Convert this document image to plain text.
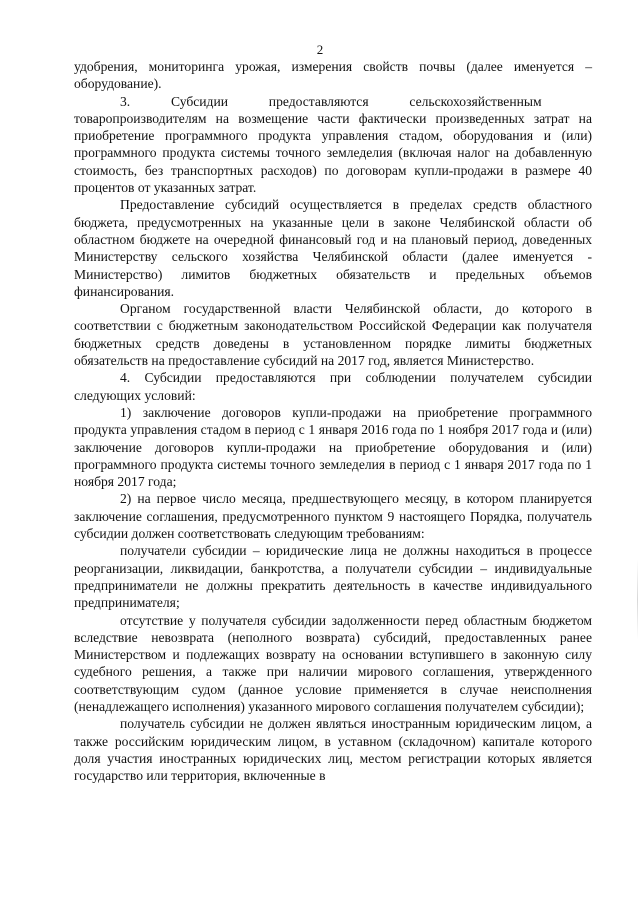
2

удобрения, мониторинга урожая, измерения свойств почвы (далее именуется – оборудование).

3.   Субсидии   предоставляются   сельскохозяйственным товаропроизводителям на возмещение части фактически произведенных затрат на приобретение программного продукта управления стадом, оборудования и (или) программного продукта системы точного земледелия (включая налог на добавленную стоимость, без транспортных расходов) по договорам купли-продажи в размере 40 процентов от указанных затрат.

Предоставление субсидий осуществляется в пределах средств областного бюджета, предусмотренных на указанные цели в законе Челябинской области об областном бюджете на очередной финансовый год и на плановый период, доведенных Министерству сельского хозяйства Челябинской области (далее именуется - Министерство) лимитов бюджетных обязательств и предельных объемов финансирования.

Органом государственной власти Челябинской области, до которого в соответствии с бюджетным законодательством Российской Федерации как получателя бюджетных средств доведены в установленном порядке лимиты бюджетных обязательств на предоставление субсидий на 2017 год, является Министерство.

4. Субсидии предоставляются при соблюдении получателем субсидии следующих условий:

1) заключение договоров купли-продажи на приобретение программного продукта управления стадом в период с 1 января 2016 года по 1 ноября 2017 года и (или) заключение договоров купли-продажи на приобретение оборудования и (или) программного продукта системы точного земледелия в период с 1 января 2017 года по 1 ноября 2017 года;

2) на первое число месяца, предшествующего месяцу, в котором планируется заключение соглашения, предусмотренного пунктом 9 настоящего Порядка, получатель субсидии должен соответствовать следующим требованиям:

получатели субсидии – юридические лица не должны находиться в процессе реорганизации, ликвидации, банкротства, а получатели субсидии – индивидуальные предприниматели не должны прекратить деятельность в качестве индивидуального предпринимателя;

отсутствие у получателя субсидии задолженности перед областным бюджетом вследствие невозврата (неполного возврата) субсидий, предоставленных ранее Министерством и подлежащих возврату на основании вступившего в законную силу судебного решения, а также при наличии мирового соглашения, утвержденного соответствующим судом (данное условие применяется в случае неисполнения (ненадлежащего исполнения) указанного мирового соглашения получателем субсидии);

получатель субсидии не должен являться иностранным юридическим лицом, а также российским юридическим лицом, в уставном (складочном) капитале которого доля участия иностранных юридических лиц, местом регистрации которых является государство или территория, включенные в
